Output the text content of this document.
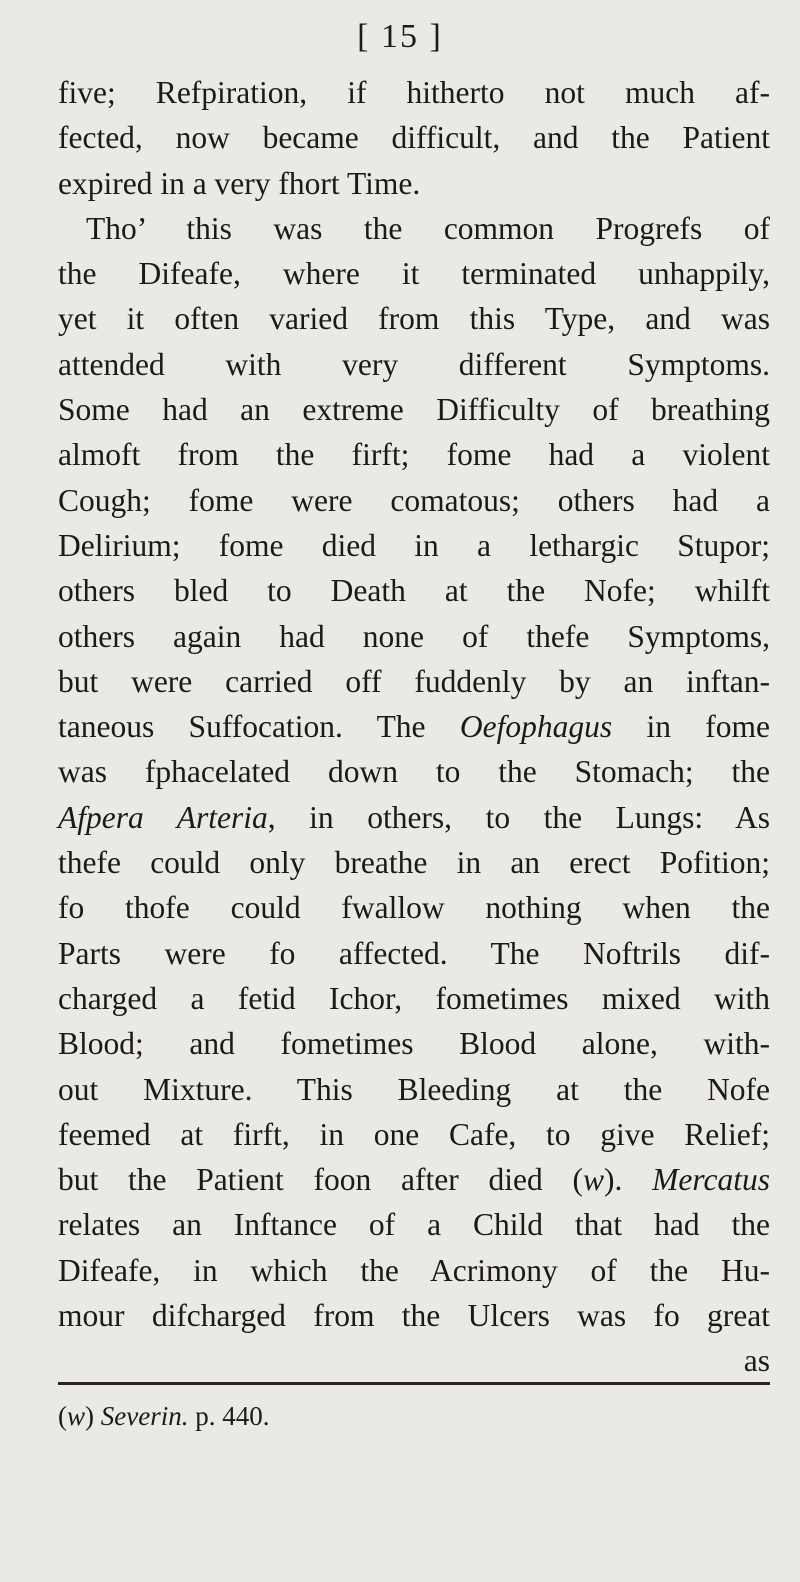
[ 15 ]
five; Refpiration, if hitherto not much af-
fected, now became difficult, and the Patient
expired in a very fhort Time.
Tho’ this was the common Progrefs of
the Difeafe, where it terminated unhappily,
yet it often varied from this Type, and was
attended with very different Symptoms.
Some had an extreme Difficulty of breathing
almoft from the firft; fome had a violent
Cough; fome were comatous; others had a
Delirium; fome died in a lethargic Stupor;
others bled to Death at the Nofe; whilft
others again had none of thefe Symptoms,
but were carried off fuddenly by an inftan-
taneous Suffocation. The Oefophagus in fome
was fphacelated down to the Stomach; the
Afpera Arteria, in others, to the Lungs: As
thefe could only breathe in an erect Pofition;
fo thofe could fwallow nothing when the
Parts were fo affected. The Noftrils dif-
charged a fetid Ichor, fometimes mixed with
Blood; and fometimes Blood alone, with-
out Mixture. This Bleeding at the Nofe
feemed at firft, in one Cafe, to give Relief;
but the Patient foon after died (w). Mercatus
relates an Inftance of a Child that had the
Difeafe, in which the Acrimony of the Hu-
mour difcharged from the Ulcers was fo great
as
(w) Severin. p. 440.
